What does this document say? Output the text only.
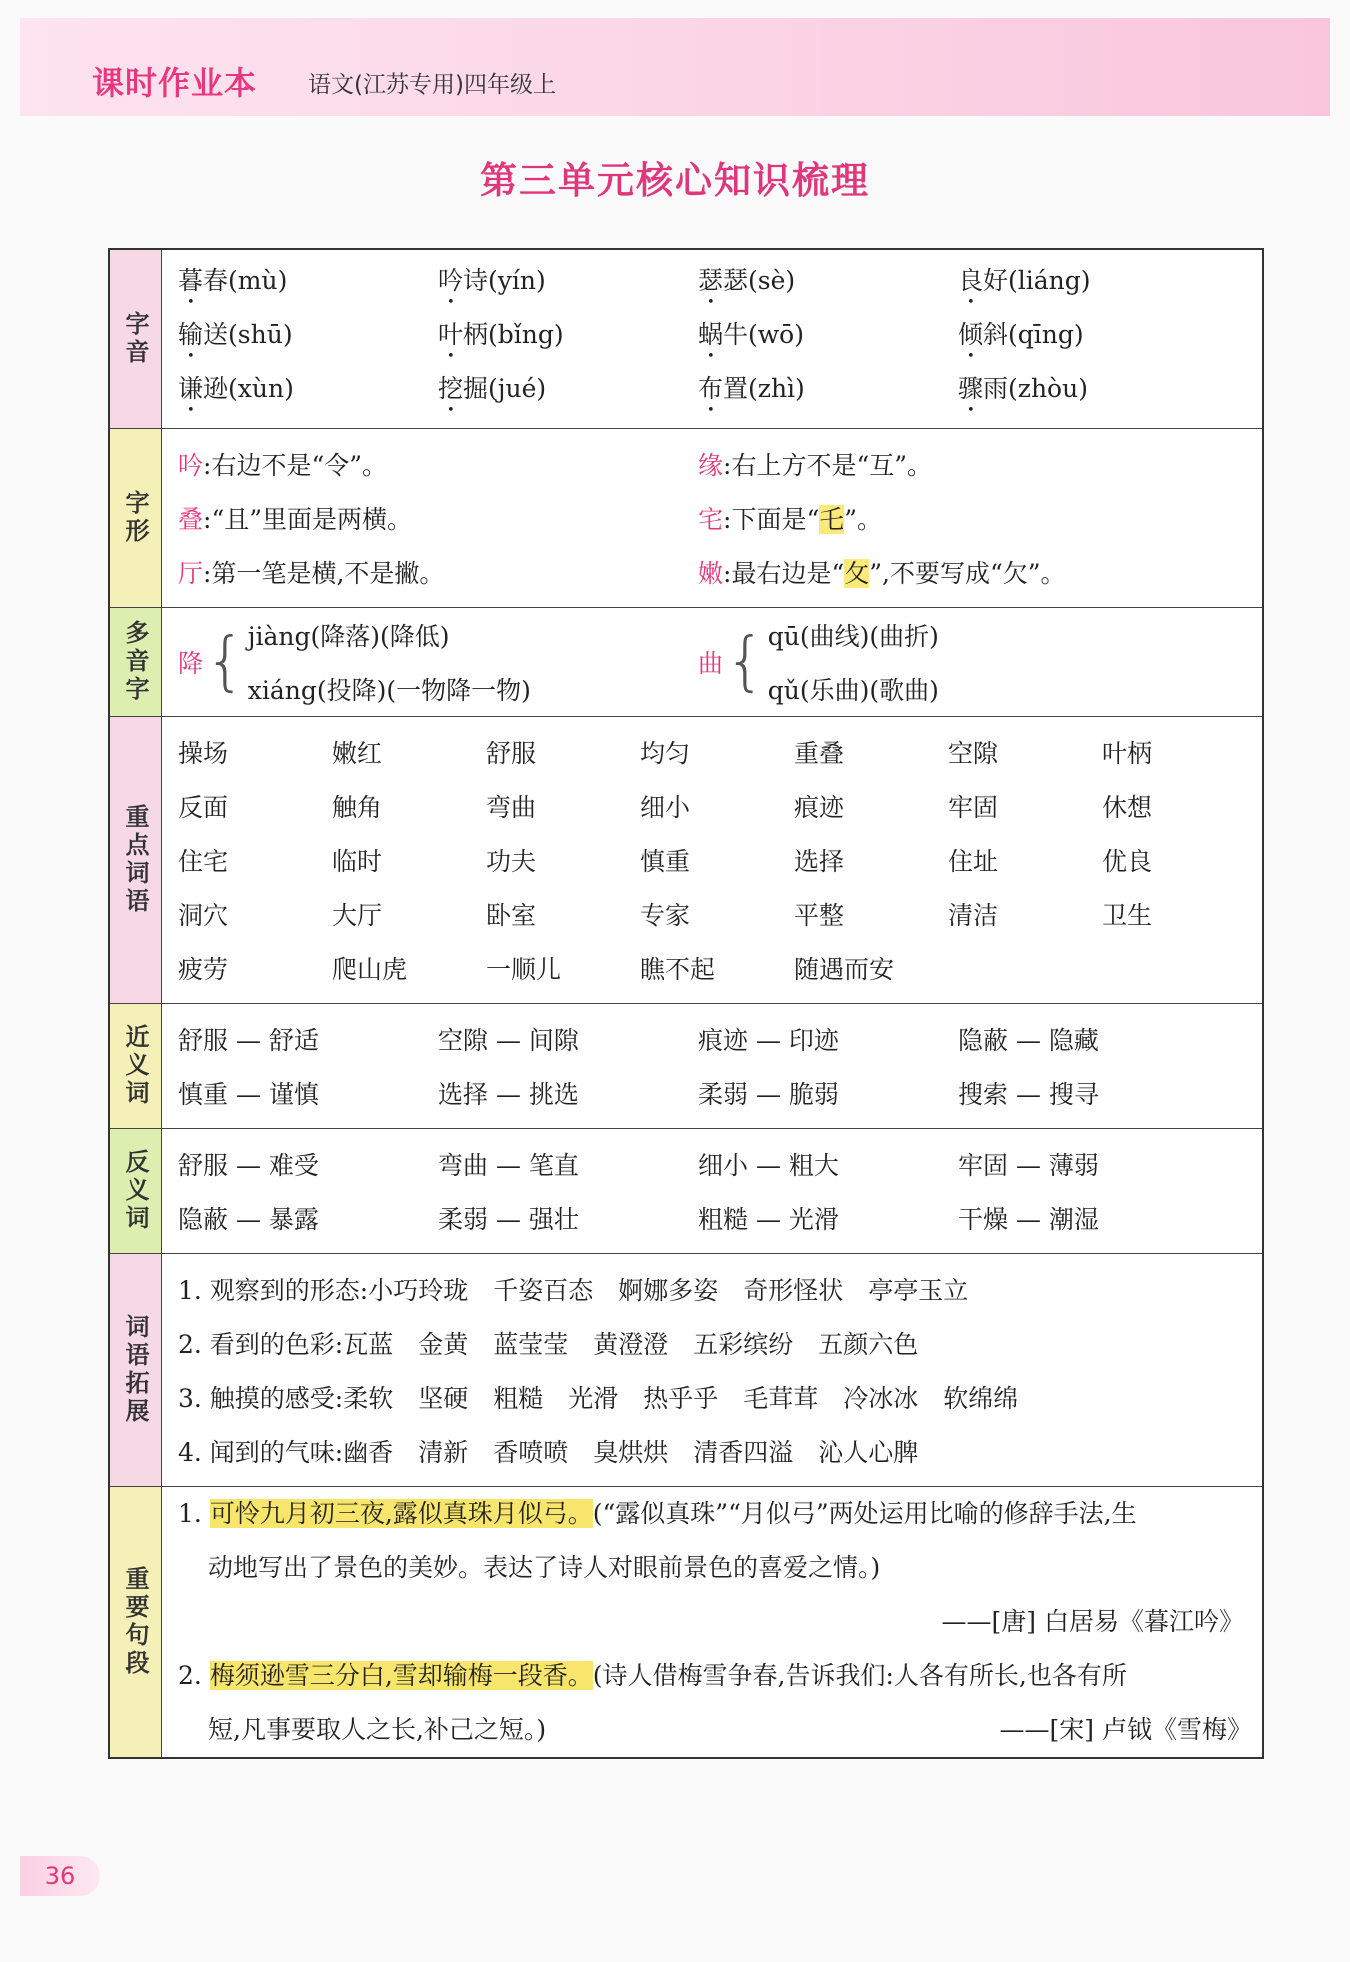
课时作业本 语文(江苏专用)四年级上
第三单元核心知识梳理
字音
暮春(mù)	吟诗(yín)	瑟瑟(sè)	良好(liáng)
输送(shū)	叶柄(bǐng)	蜗牛(wō)	倾斜(qīng)
谦逊(xùn)	挖掘(jué)	布置(zhì)	骤雨(zhòu)
字形
吟:右边不是“令”。	缘:右上方不是“互”。
叠:“且”里面是两横。	宅:下面是“乇”。
厅:第一笔是横,不是撇。	嫩:最右边是“攵”,不要写成“欠”。
多音字 降 { jiàng(降落)(降低)
xiáng(投降)(一物降一物)
曲 { qū(曲线)(曲折)
qǔ(乐曲)(歌曲)
重点词语
操场	嫩红	舒服	均匀	重叠	空隙	叶柄
反面	触角	弯曲	细小	痕迹	牢固	休想
住宅	临时	功夫	慎重	选择	住址	优良
洞穴	大厅	卧室	专家	平整	清洁	卫生
疲劳	爬山虎	一顺儿	瞧不起	随遇而安
近义词 舒服 — 舒适	空隙 — 间隙	痕迹 — 印迹	隐蔽 — 隐藏
慎重 — 谨慎	选择 — 挑选	柔弱 — 脆弱	搜索 — 搜寻
反义词 舒服 — 难受	弯曲 — 笔直	细小 — 粗大	牢固 — 薄弱
隐蔽 — 暴露	柔弱 — 强壮	粗糙 — 光滑	干燥 — 潮湿
词语拓展
1. 观察到的形态:小巧玲珑　千姿百态　婀娜多姿　奇形怪状　亭亭玉立
2. 看到的色彩:瓦蓝　金黄　蓝莹莹　黄澄澄　五彩缤纷　五颜六色
3. 触摸的感受:柔软　坚硬　粗糙　光滑　热乎乎　毛茸茸　冷冰冰　软绵绵
4. 闻到的气味:幽香　清新　香喷喷　臭烘烘　清香四溢　沁人心脾
重要句段
1. 可怜九月初三夜,露似真珠月似弓。(“露似真珠”“月似弓”两处运用比喻的修辞手法,生
动地写出了景色的美妙。表达了诗人对眼前景色的喜爱之情。)
——[唐] 白居易《暮江吟》
2. 梅须逊雪三分白,雪却输梅一段香。(诗人借梅雪争春,告诉我们:人各有所长,也各有所
短,凡事要取人之长,补己之短。)	——[宋] 卢钺《雪梅》
36
